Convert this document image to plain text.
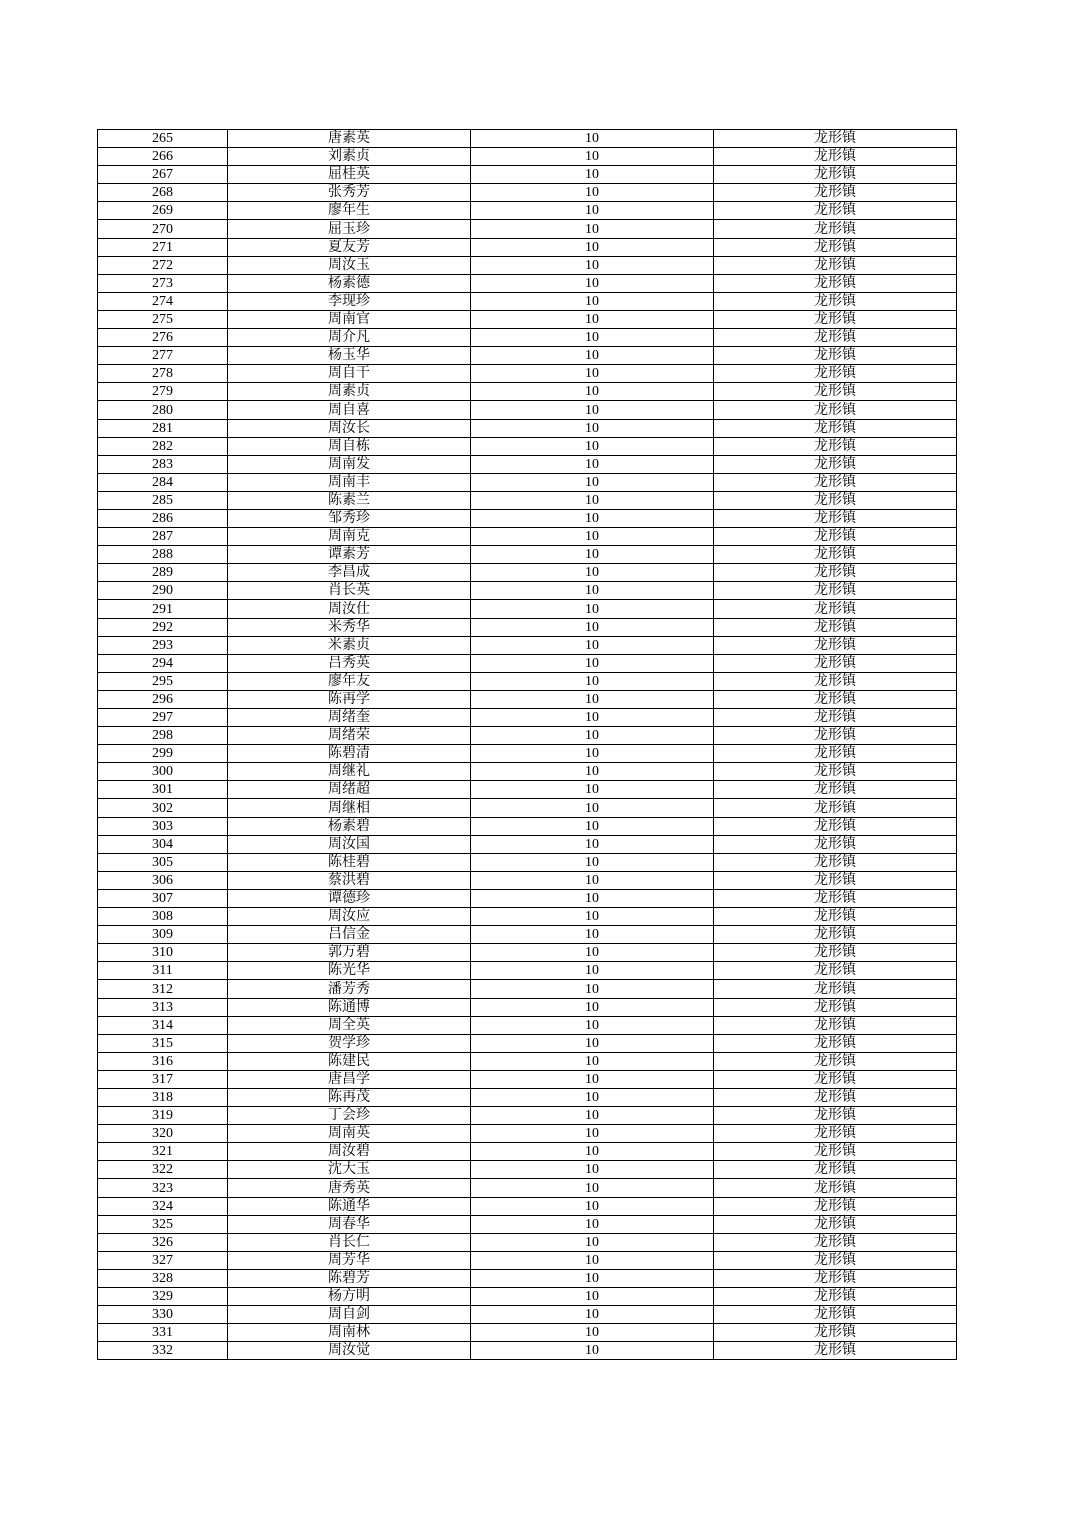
265	唐素英	10	龙形镇
266	刘素贞	10	龙形镇
267	屈桂英	10	龙形镇
268	张秀芳	10	龙形镇
269	廖年生	10	龙形镇
270	屈玉珍	10	龙形镇
271	夏友芳	10	龙形镇
272	周汝玉	10	龙形镇
273	杨素德	10	龙形镇
274	李现珍	10	龙形镇
275	周南官	10	龙形镇
276	周介凡	10	龙形镇
277	杨玉华	10	龙形镇
278	周自干	10	龙形镇
279	周素贞	10	龙形镇
280	周自喜	10	龙形镇
281	周汝长	10	龙形镇
282	周自栋	10	龙形镇
283	周南发	10	龙形镇
284	周南丰	10	龙形镇
285	陈素兰	10	龙形镇
286	邹秀珍	10	龙形镇
287	周南克	10	龙形镇
288	谭素芳	10	龙形镇
289	李昌成	10	龙形镇
290	肖长英	10	龙形镇
291	周汝仕	10	龙形镇
292	米秀华	10	龙形镇
293	米素贞	10	龙形镇
294	吕秀英	10	龙形镇
295	廖年友	10	龙形镇
296	陈再学	10	龙形镇
297	周绪奎	10	龙形镇
298	周绪荣	10	龙形镇
299	陈碧清	10	龙形镇
300	周继礼	10	龙形镇
301	周绪超	10	龙形镇
302	周继相	10	龙形镇
303	杨素碧	10	龙形镇
304	周汝国	10	龙形镇
305	陈桂碧	10	龙形镇
306	蔡洪碧	10	龙形镇
307	谭德珍	10	龙形镇
308	周汝应	10	龙形镇
309	吕信金	10	龙形镇
310	郭万碧	10	龙形镇
311	陈光华	10	龙形镇
312	潘芳秀	10	龙形镇
313	陈通博	10	龙形镇
314	周全英	10	龙形镇
315	贺学珍	10	龙形镇
316	陈建民	10	龙形镇
317	唐昌学	10	龙形镇
318	陈再茂	10	龙形镇
319	丁会珍	10	龙形镇
320	周南英	10	龙形镇
321	周汝碧	10	龙形镇
322	沈大玉	10	龙形镇
323	唐秀英	10	龙形镇
324	陈通华	10	龙形镇
325	周春华	10	龙形镇
326	肖长仁	10	龙形镇
327	周芳华	10	龙形镇
328	陈碧芳	10	龙形镇
329	杨方明	10	龙形镇
330	周自剑	10	龙形镇
331	周南林	10	龙形镇
332	周汝觉	10	龙形镇
